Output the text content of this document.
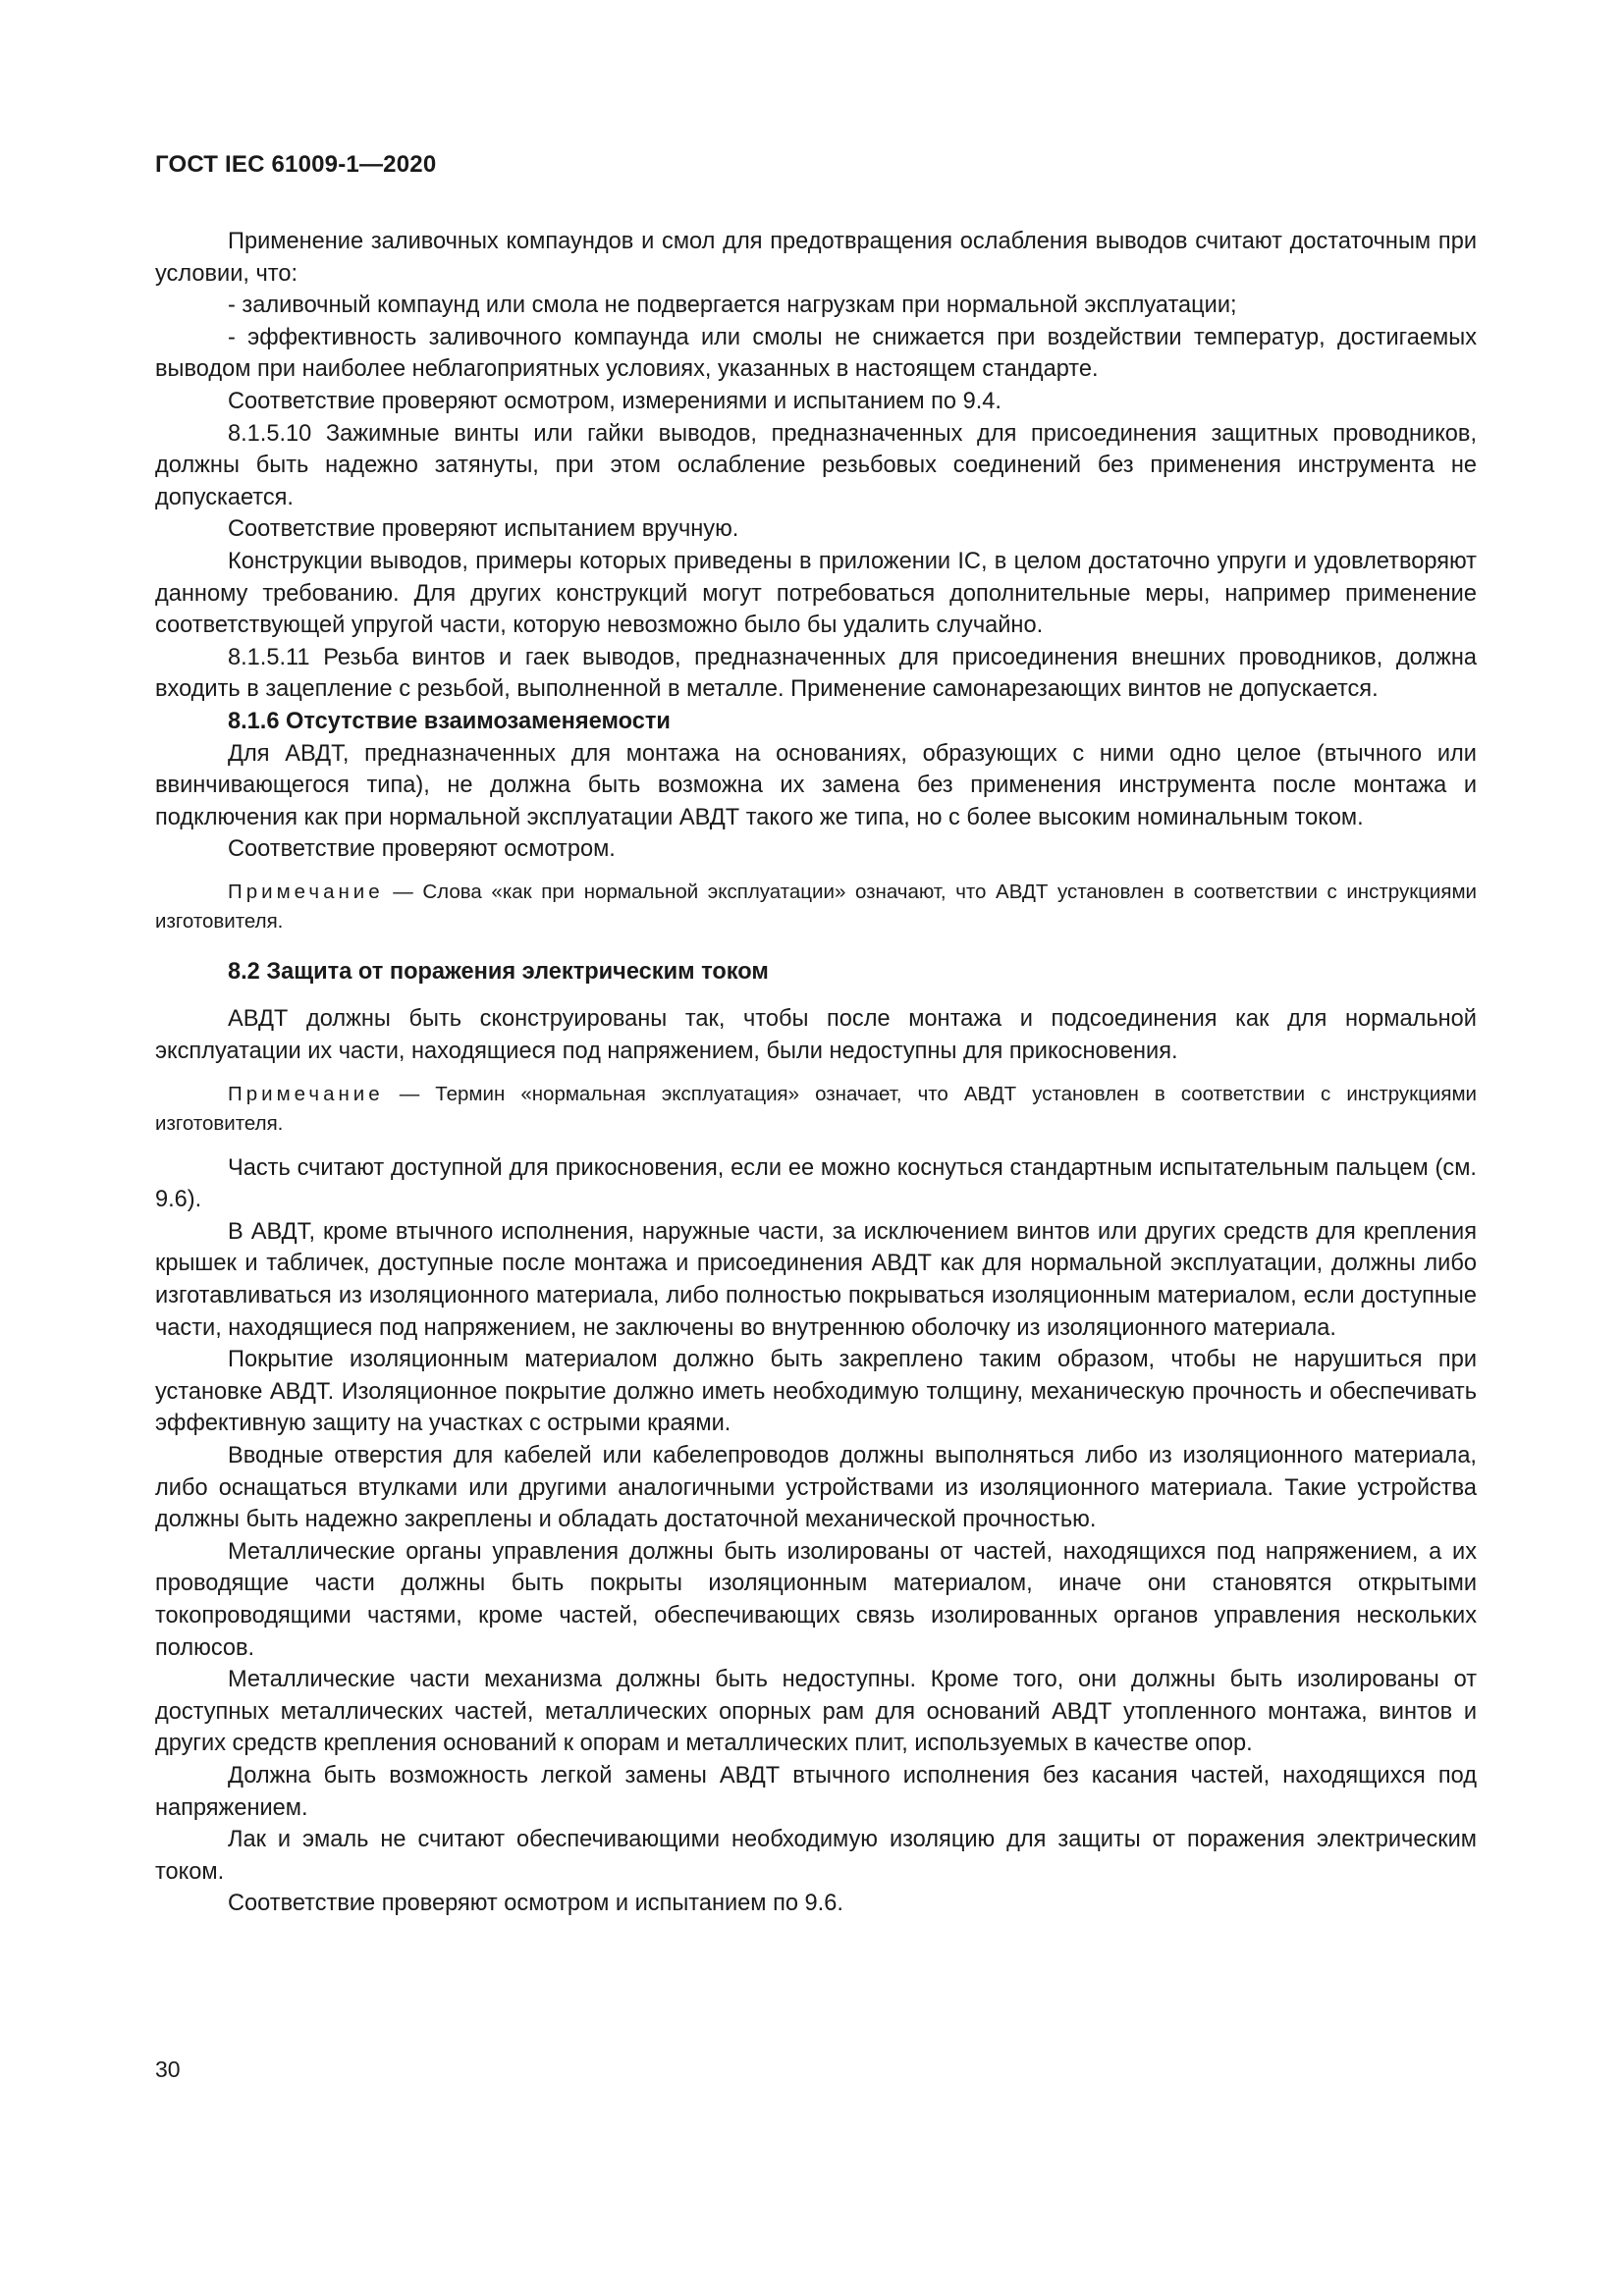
ГОСТ IEC 61009-1—2020

Применение заливочных компаундов и смол для предотвращения ослабления выводов считают достаточным при условии, что:

- заливочный компаунд или смола не подвергается нагрузкам при нормальной эксплуатации;

- эффективность заливочного компаунда или смолы не снижается при воздействии температур, достигаемых выводом при наиболее неблагоприятных условиях, указанных в настоящем стандарте.

Соответствие проверяют осмотром, измерениями и испытанием по 9.4.

8.1.5.10 Зажимные винты или гайки выводов, предназначенных для присоединения защитных проводников, должны быть надежно затянуты, при этом ослабление резьбовых соединений без применения инструмента не допускается.

Соответствие проверяют испытанием вручную.

Конструкции выводов, примеры которых приведены в приложении IC, в целом достаточно упруги и удовлетворяют данному требованию. Для других конструкций могут потребоваться дополнительные меры, например применение соответствующей упругой части, которую невозможно было бы удалить случайно.

8.1.5.11 Резьба винтов и гаек выводов, предназначенных для присоединения внешних проводников, должна входить в зацепление с резьбой, выполненной в металле. Применение самонарезающих винтов не допускается.

8.1.6 Отсутствие взаимозаменяемости

Для АВДТ, предназначенных для монтажа на основаниях, образующих с ними одно целое (втычного или ввинчивающегося типа), не должна быть возможна их замена без применения инструмента после монтажа и подключения как при нормальной эксплуатации АВДТ такого же типа, но с более высоким номинальным током.

Соответствие проверяют осмотром.

Примечание — Слова «как при нормальной эксплуатации» означают, что АВДТ установлен в соответствии с инструкциями изготовителя.

8.2 Защита от поражения электрическим током

АВДТ должны быть сконструированы так, чтобы после монтажа и подсоединения как для нормальной эксплуатации их части, находящиеся под напряжением, были недоступны для прикосновения.

Примечание — Термин «нормальная эксплуатация» означает, что АВДТ установлен в соответствии с инструкциями изготовителя.

Часть считают доступной для прикосновения, если ее можно коснуться стандартным испытательным пальцем (см. 9.6).

В АВДТ, кроме втычного исполнения, наружные части, за исключением винтов или других средств для крепления крышек и табличек, доступные после монтажа и присоединения АВДТ как для нормальной эксплуатации, должны либо изготавливаться из изоляционного материала, либо полностью покрываться изоляционным материалом, если доступные части, находящиеся под напряжением, не заключены во внутреннюю оболочку из изоляционного материала.

Покрытие изоляционным материалом должно быть закреплено таким образом, чтобы не нарушиться при установке АВДТ. Изоляционное покрытие должно иметь необходимую толщину, механическую прочность и обеспечивать эффективную защиту на участках с острыми краями.

Вводные отверстия для кабелей или кабелепроводов должны выполняться либо из изоляционного материала, либо оснащаться втулками или другими аналогичными устройствами из изоляционного материала. Такие устройства должны быть надежно закреплены и обладать достаточной механической прочностью.

Металлические органы управления должны быть изолированы от частей, находящихся под напряжением, а их проводящие части должны быть покрыты изоляционным материалом, иначе они становятся открытыми токопроводящими частями, кроме частей, обеспечивающих связь изолированных органов управления нескольких полюсов.

Металлические части механизма должны быть недоступны. Кроме того, они должны быть изолированы от доступных металлических частей, металлических опорных рам для оснований АВДТ утопленного монтажа, винтов и других средств крепления оснований к опорам и металлических плит, используемых в качестве опор.

Должна быть возможность легкой замены АВДТ втычного исполнения без касания частей, находящихся под напряжением.

Лак и эмаль не считают обеспечивающими необходимую изоляцию для защиты от поражения электрическим током.

Соответствие проверяют осмотром и испытанием по 9.6.

30
